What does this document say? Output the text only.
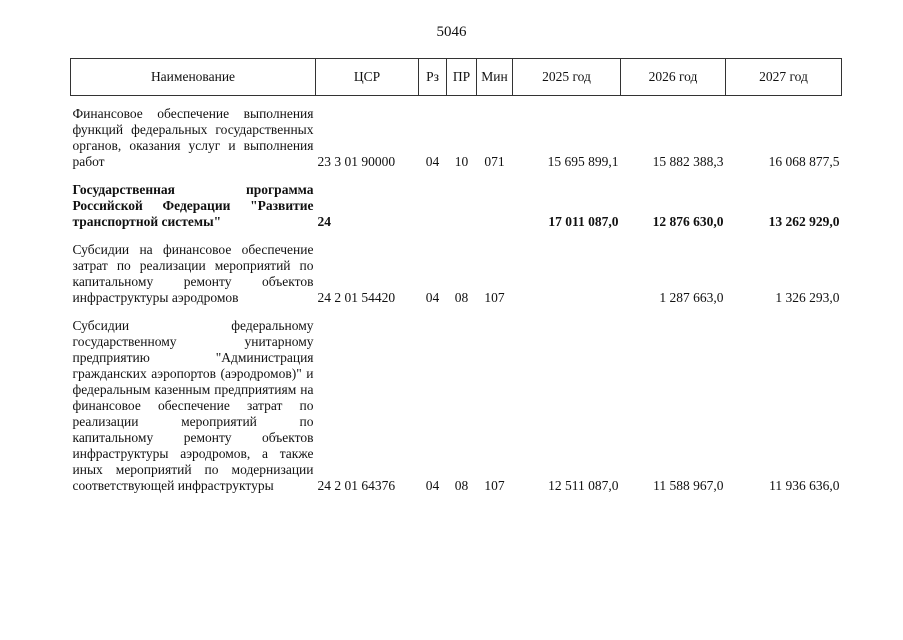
5046
Наименование	ЦСР	Рз	ПР	Мин	2025 год	2026 год	2027 год
Финансовое обеспечение выполнения функций федеральных государственных органов, оказания услуг и выполнения работ	23 3 01 90000	04	10	071	15 695 899,1	15 882 388,3	16 068 877,5
Государственная программа Российской Федерации "Развитие транспортной системы"	24				17 011 087,0	12 876 630,0	13 262 929,0
Субсидии на финансовое обеспечение затрат по реализации мероприятий по капитальному ремонту объектов инфраструктуры аэродромов	24 2 01 54420	04	08	107		1 287 663,0	1 326 293,0
Субсидии федеральному государственному унитарному предприятию "Администрация гражданских аэропортов (аэродромов)" и федеральным казенным предприятиям на финансовое обеспечение затрат по реализации мероприятий по капитальному ремонту объектов инфраструктуры аэродромов, а также иных мероприятий по модернизации соответствующей инфраструктуры	24 2 01 64376	04	08	107	12 511 087,0	11 588 967,0	11 936 636,0
